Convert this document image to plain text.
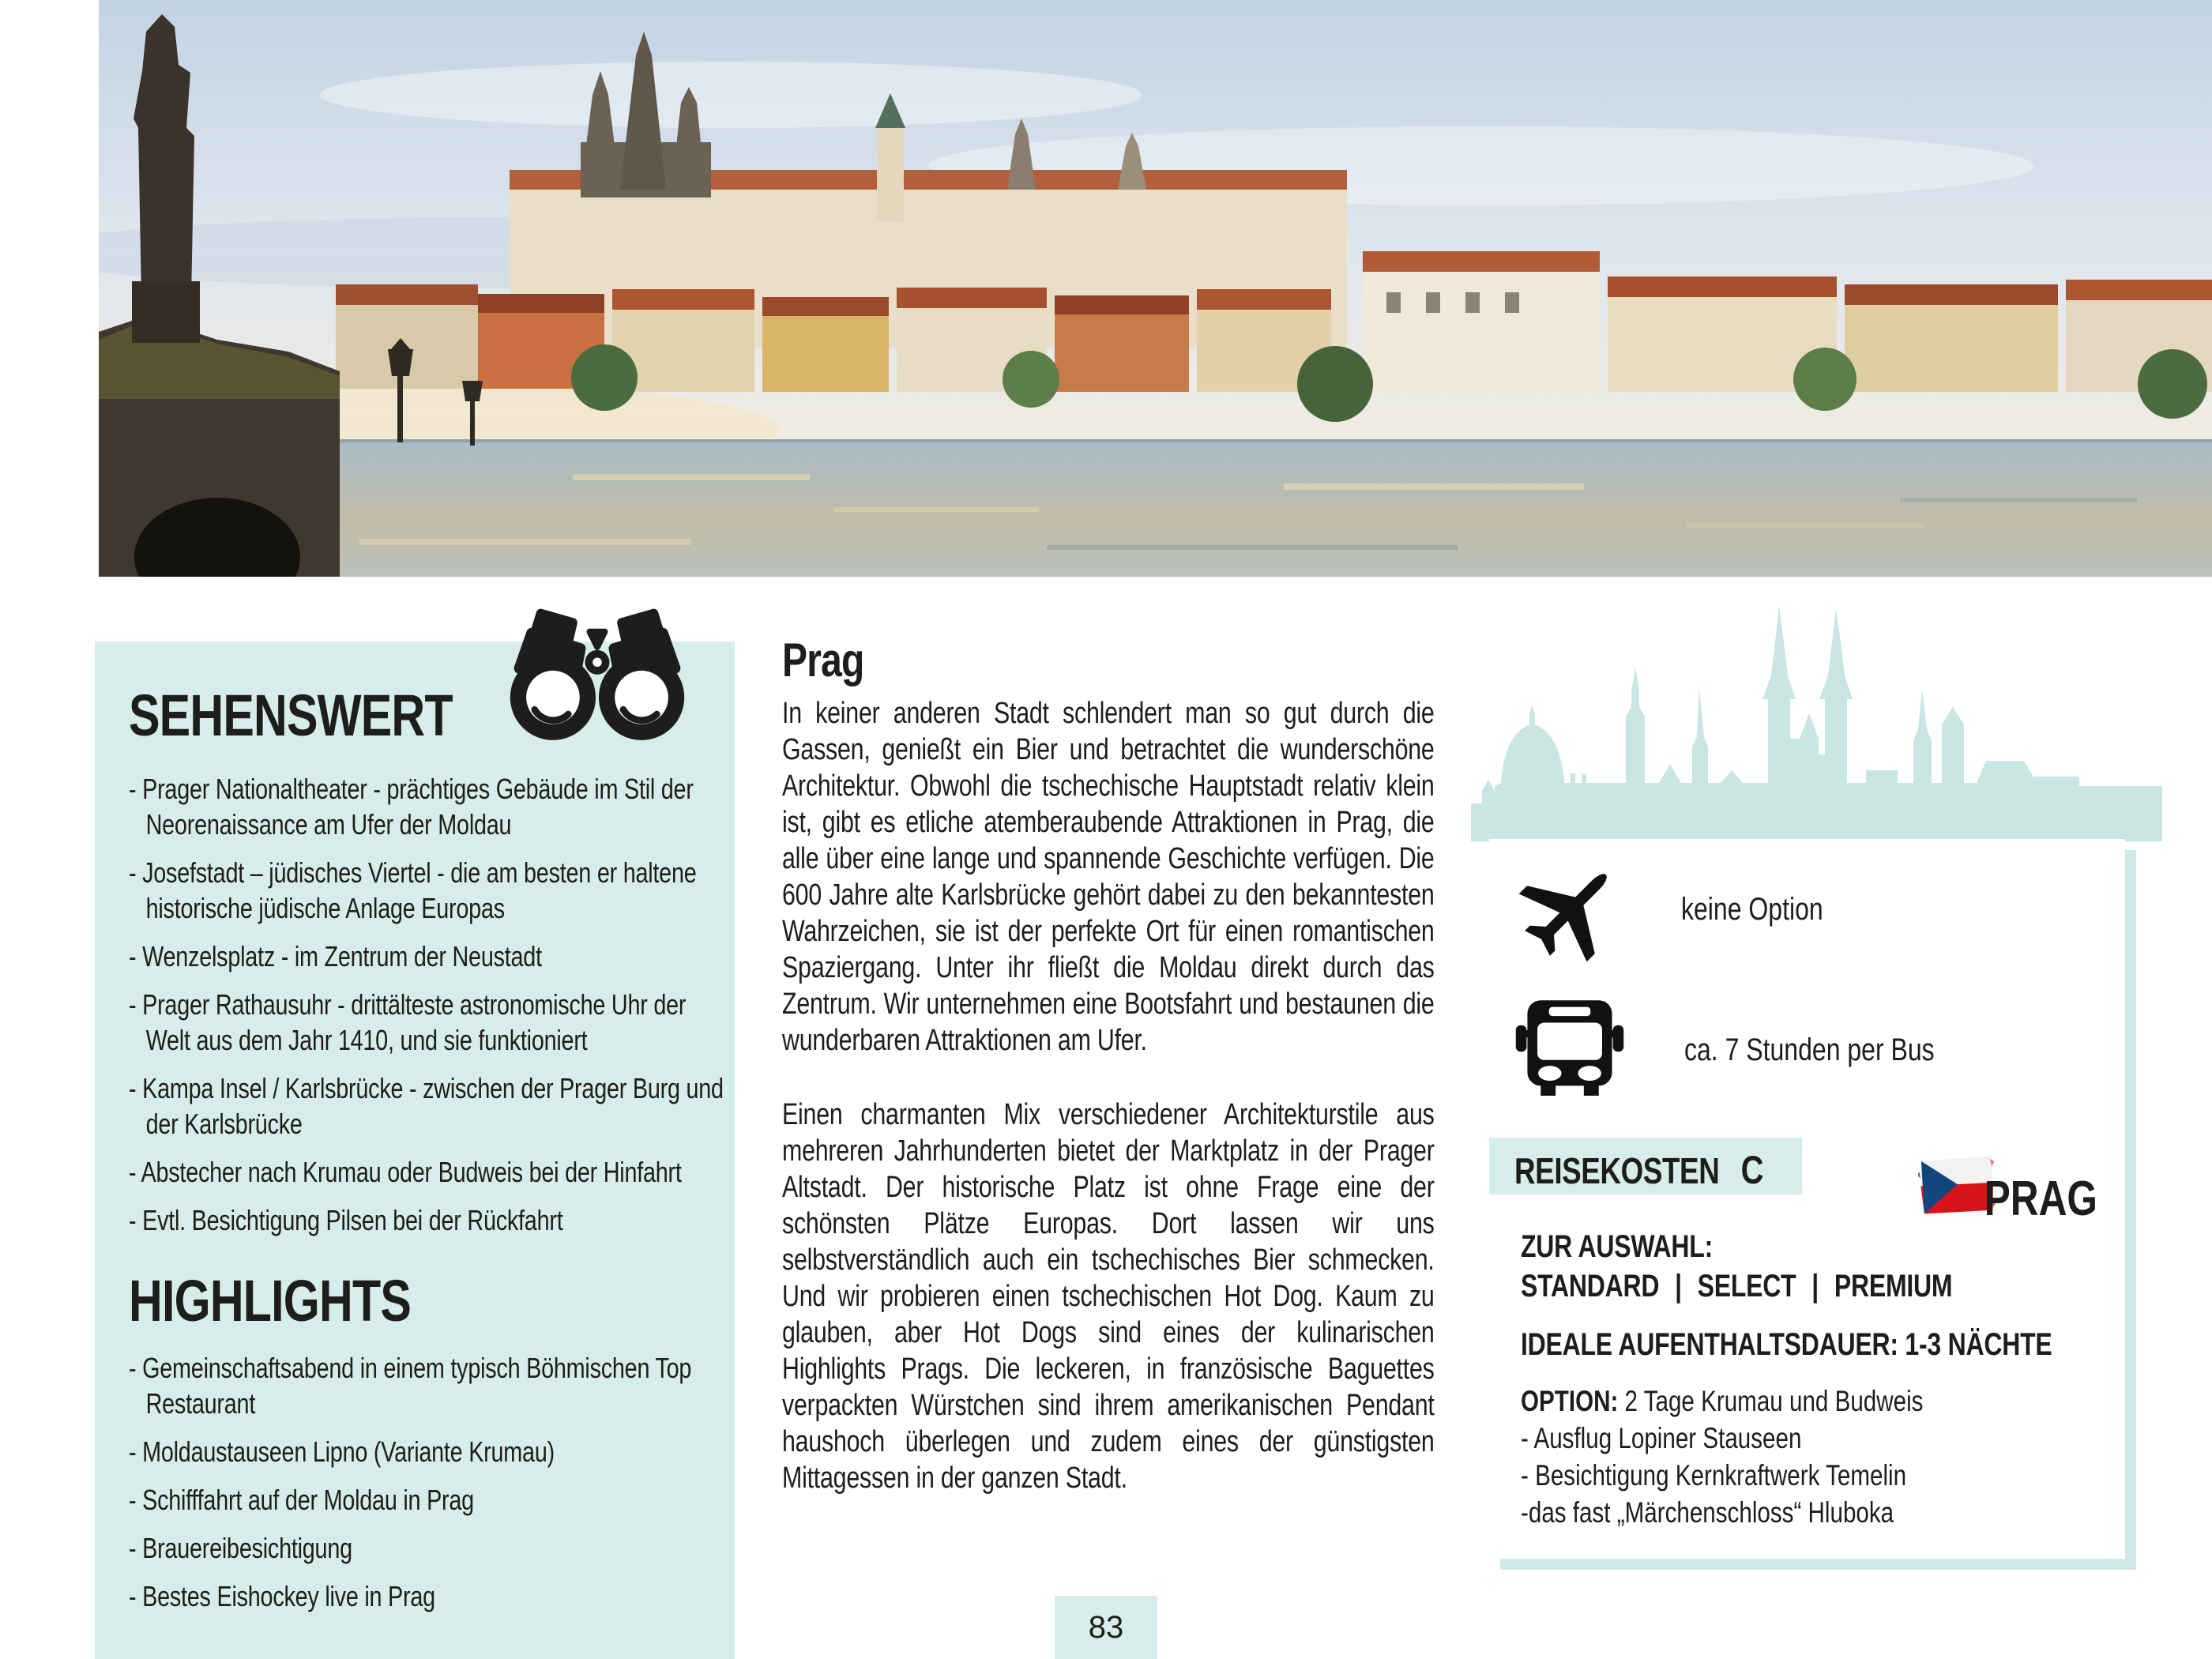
SEHENSWERT
- Prager Nationaltheater - prächtiges Gebäude im Stil der Neorenaissance am Ufer der Moldau
- Josefstadt – jüdisches Viertel - die am besten er haltene historische jüdische Anlage Europas
- Wenzelsplatz - im Zentrum der Neustadt
- Prager Rathausuhr - drittälteste astronomische Uhr der Welt aus dem Jahr 1410, und sie funktioniert
- Kampa Insel / Karlsbrücke - zwischen der Prager Burg und der Karlsbrücke
- Abstecher nach Krumau oder Budweis bei der Hinfahrt
- Evtl. Besichtigung Pilsen bei der Rückfahrt
HIGHLIGHTS
- Gemeinschaftsabend in einem typisch Böhmischen Top Restaurant
- Moldaustauseen Lipno (Variante Krumau)
- Schifffahrt auf der Moldau in Prag
- Brauereibesichtigung
- Bestes Eishockey live in Prag
Prag
In keiner anderen Stadt schlendert man so gut durch die Gassen, genießt ein Bier und betrachtet die wunderschöne Architektur. Obwohl die tschechische Hauptstadt relativ klein ist, gibt es etliche atemberaubende Attraktionen in Prag, die alle über eine lange und spannende Geschichte verfügen. Die 600 Jahre alte Karlsbrücke gehört dabei zu den bekanntesten Wahrzeichen, sie ist der perfekte Ort für einen romantischen Spaziergang. Unter ihr fließt die Moldau direkt durch das Zentrum. Wir unternehmen eine Bootsfahrt und bestaunen die wunderbaren Attraktionen am Ufer.
Einen charmanten Mix verschiedener Architekturstile aus mehreren Jahrhunderten bietet der Marktplatz in der Prager Altstadt. Der historische Platz ist ohne Frage eine der schönsten Plätze Europas. Dort lassen wir uns selbstverständlich auch ein tschechisches Bier schmecken. Und wir probieren einen tschechischen Hot Dog. Kaum zu glauben, aber Hot Dogs sind eines der kulinarischen Highlights Prags. Die leckeren, in französische Baguettes verpackten Würstchen sind ihrem amerikanischen Pendant haushoch überlegen und zudem eines der günstigsten Mittagessen in der ganzen Stadt.
keine Option
ca. 7 Stunden per Bus
REISEKOSTEN C
PRAG
ZUR AUSWAHL:
STANDARD | SELECT | PREMIUM
IDEALE AUFENTHALTSDAUER: 1-3 NÄCHTE
OPTION: 2 Tage Krumau und Budweis
- Ausflug Lopiner Stauseen
- Besichtigung Kernkraftwerk Temelin
-das fast „Märchenschloss“ Hluboka
83
